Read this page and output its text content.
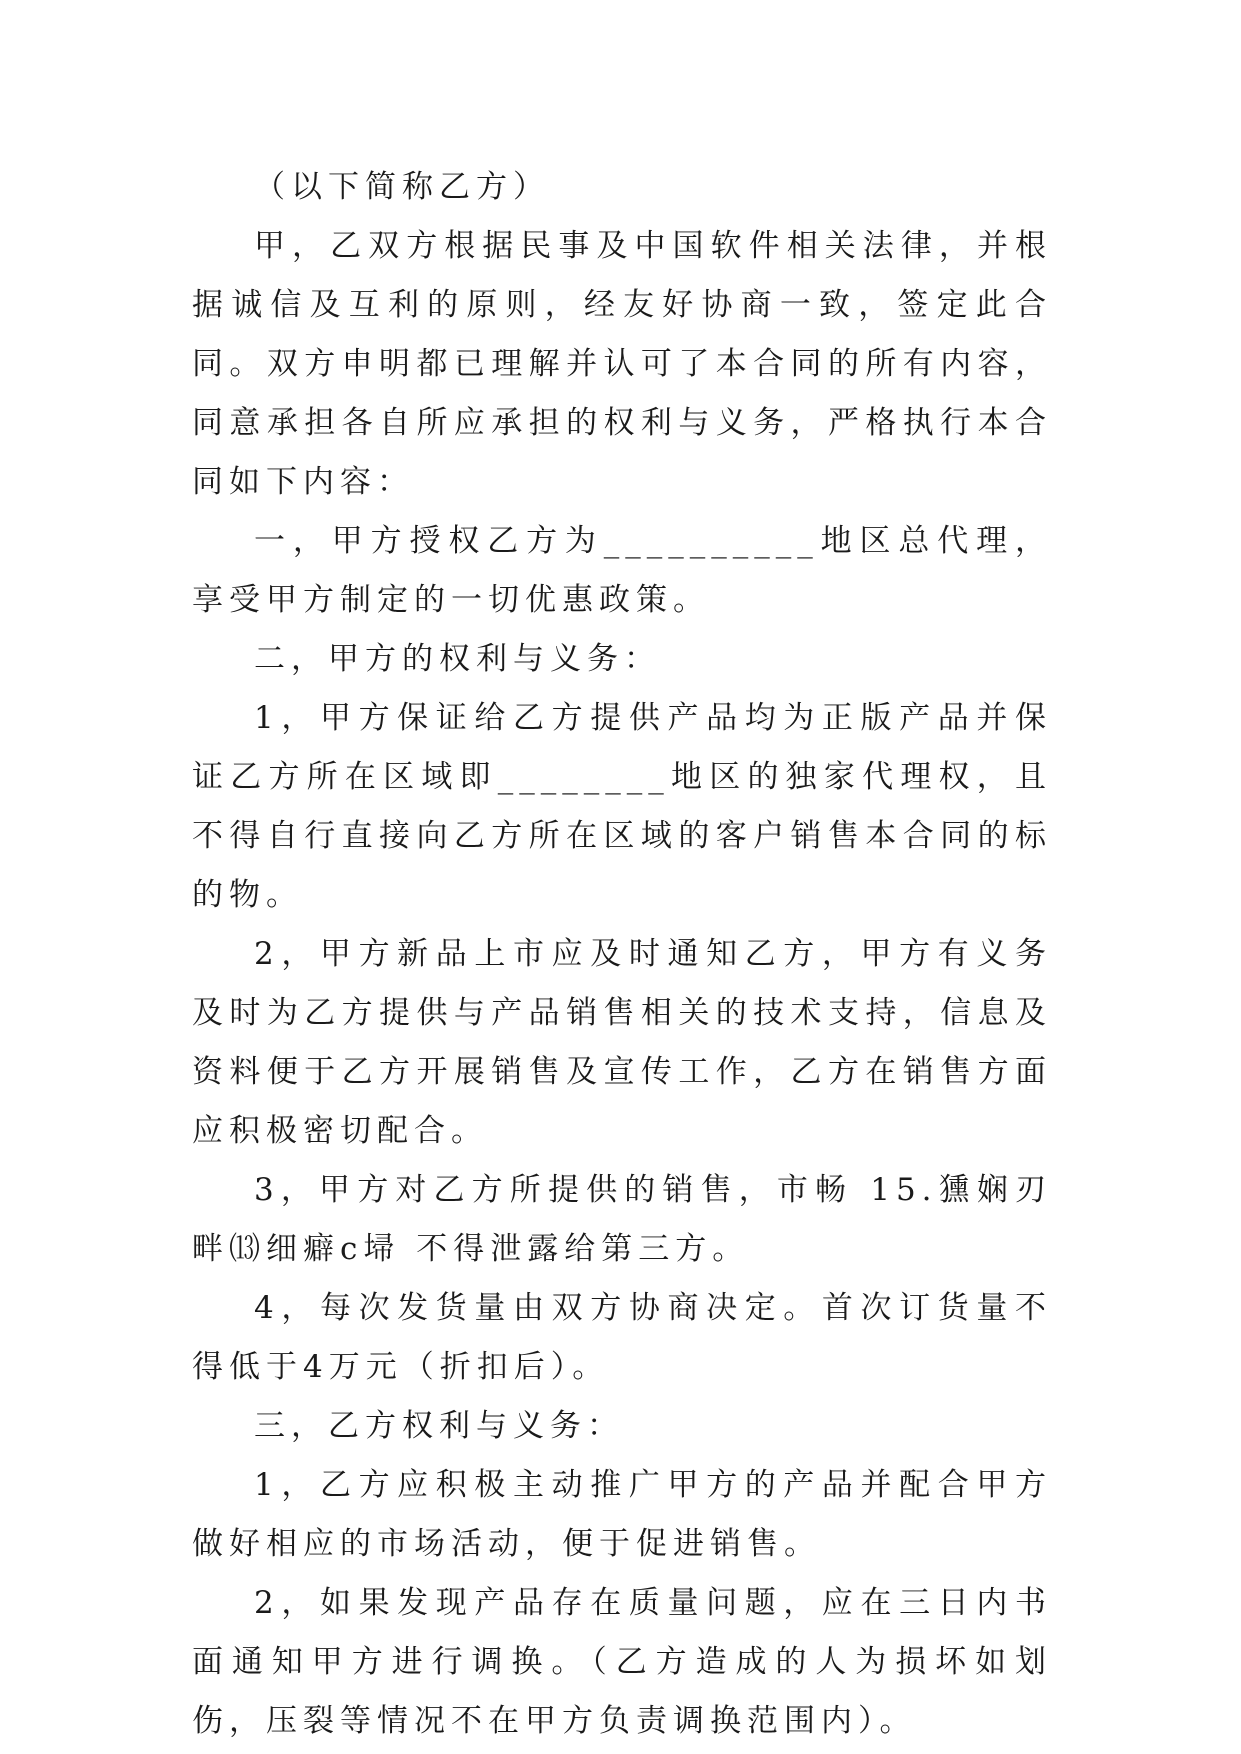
（以下简称乙方）

甲，乙双方根据民事及中国软件相关法律，并根据诚信及互利的原则，经友好协商一致，签定此合同。双方申明都已理解并认可了本合同的所有内容，同意承担各自所应承担的权利与义务，严格执行本合同如下内容：

一，甲方授权乙方为__________地区总代理，享受甲方制定的一切优惠政策。

二，甲方的权利与义务：

1，甲方保证给乙方提供产品均为正版产品并保证乙方所在区域即________地区的独家代理权，且不得自行直接向乙方所在区域的客户销售本合同的标的物。

2，甲方新品上市应及时通知乙方，甲方有义务及时为乙方提供与产品销售相关的技术支持，信息及资料便于乙方开展销售及宣传工作，乙方在销售方面应积极密切配合。

3，甲方对乙方所提供的销售，市畅 15.獯娴刃畔⒀细癖c埽 不得泄露给第三方。

4，每次发货量由双方协商决定。首次订货量不得低于4万元（折扣后）。

三，乙方权利与义务：

1，乙方应积极主动推广甲方的产品并配合甲方做好相应的市场活动，便于促进销售。

2，如果发现产品存在质量问题，应在三日内书面通知甲方进行调换。（乙方造成的人为损坏如划伤，压裂等情况不在甲方负责调换范围内）。
